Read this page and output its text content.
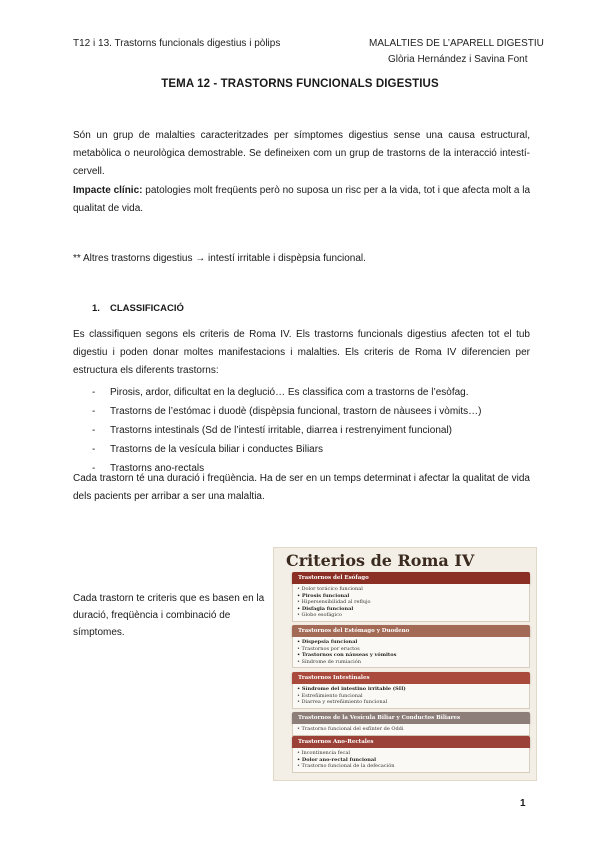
T12 i 13. Trastorns funcionals digestius i pòlips	MALALTIES DE L’APARELL DIGESTIU
Glòria Hernández i Savina Font
TEMA 12 - TRASTORNS FUNCIONALS DIGESTIUS
Són un grup de malalties caracteritzades per símptomes digestius sense una causa estructural, metabòlica o neurològica demostrable. Se defineixen com un grup de trastorns de la interacció intestí-cervell.
Impacte clínic: patologies molt freqüents però no suposa un risc per a la vida, tot i que afecta molt a la qualitat de vida.
** Altres trastorns digestius → intestí irritable i dispèpsia funcional.
1. CLASSIFICACIÓ
Es classifiquen segons els criteris de Roma IV. Els trastorns funcionals digestius afecten tot el tub digestiu i poden donar moltes manifestacions i malalties. Els criteris de Roma IV diferencien per estructura els diferents trastorns:
- Pirosis, ardor, dificultat en la deglució… Es classifica com a trastorns de l’esòfag.
- Trastorns de l’estómac i duodè (dispèpsia funcional, trastorn de nàusees i vòmits…)
- Trastorns intestinals (Sd de l’intestí irritable, diarrea i restrenyiment funcional)
- Trastorns de la vesícula biliar i conductes Biliars
- Trastorns ano-rectals
Cada trastorn té una duració i freqüència. Ha de ser en un temps determinat i afectar la qualitat de vida dels pacients per arribar a ser una malaltia.
Cada trastorn te criteris que es basen en la duració, freqüència i combinació de símptomes.
Criterios de Roma IV
Trastornos del Esófago
• Dolor torácico funcional
• Pirosis funcional
• Hipersensibilidad al reflujo
• Disfagia funcional
• Globo esofágico
Trastornos del Estómago y Duodeno
• Dispepsia funcional
• Trastornos por eructos
• Trastornos con náuseas y vómitos
• Síndrome de rumiación
Trastornos Intestinales
• Síndrome del intestino irritable (SII)
• Estreñimiento funcional
• Diarrea y estreñimiento funcional
Trastornos de la Vesícula Biliar y Conductos Biliares
• Trastorno funcional del esfínter de Oddi
Trastornos Ano-Rectales
• Incontinencia fecal
• Dolor ano-rectal funcional
• Trastorno funcional de la defecación
1
